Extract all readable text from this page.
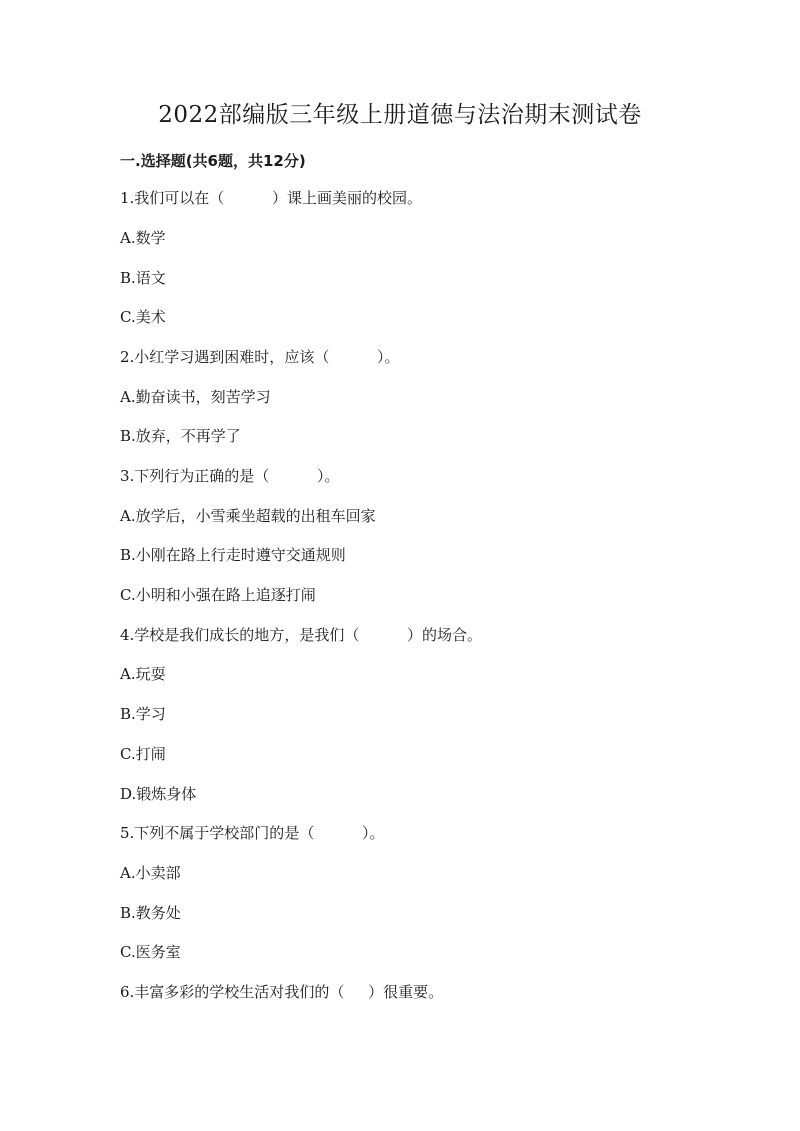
2022部编版三年级上册道德与法治期末测试卷
一.选择题(共6题，共12分)
1.我们可以在（          ）课上画美丽的校园。
A.数学
B.语文
C.美术
2.小红学习遇到困难时，应该（          ）。
A.勤奋读书，刻苦学习
B.放弃，不再学了
3.下列行为正确的是（          ）。
A.放学后，小雪乘坐超载的出租车回家
B.小刚在路上行走时遵守交通规则
C.小明和小强在路上追逐打闹
4.学校是我们成长的地方，是我们（          ）的场合。
A.玩耍
B.学习
C.打闹
D.锻炼身体
5.下列不属于学校部门的是（          ）。
A.小卖部
B.教务处
C.医务室
6.丰富多彩的学校生活对我们的（     ）很重要。
